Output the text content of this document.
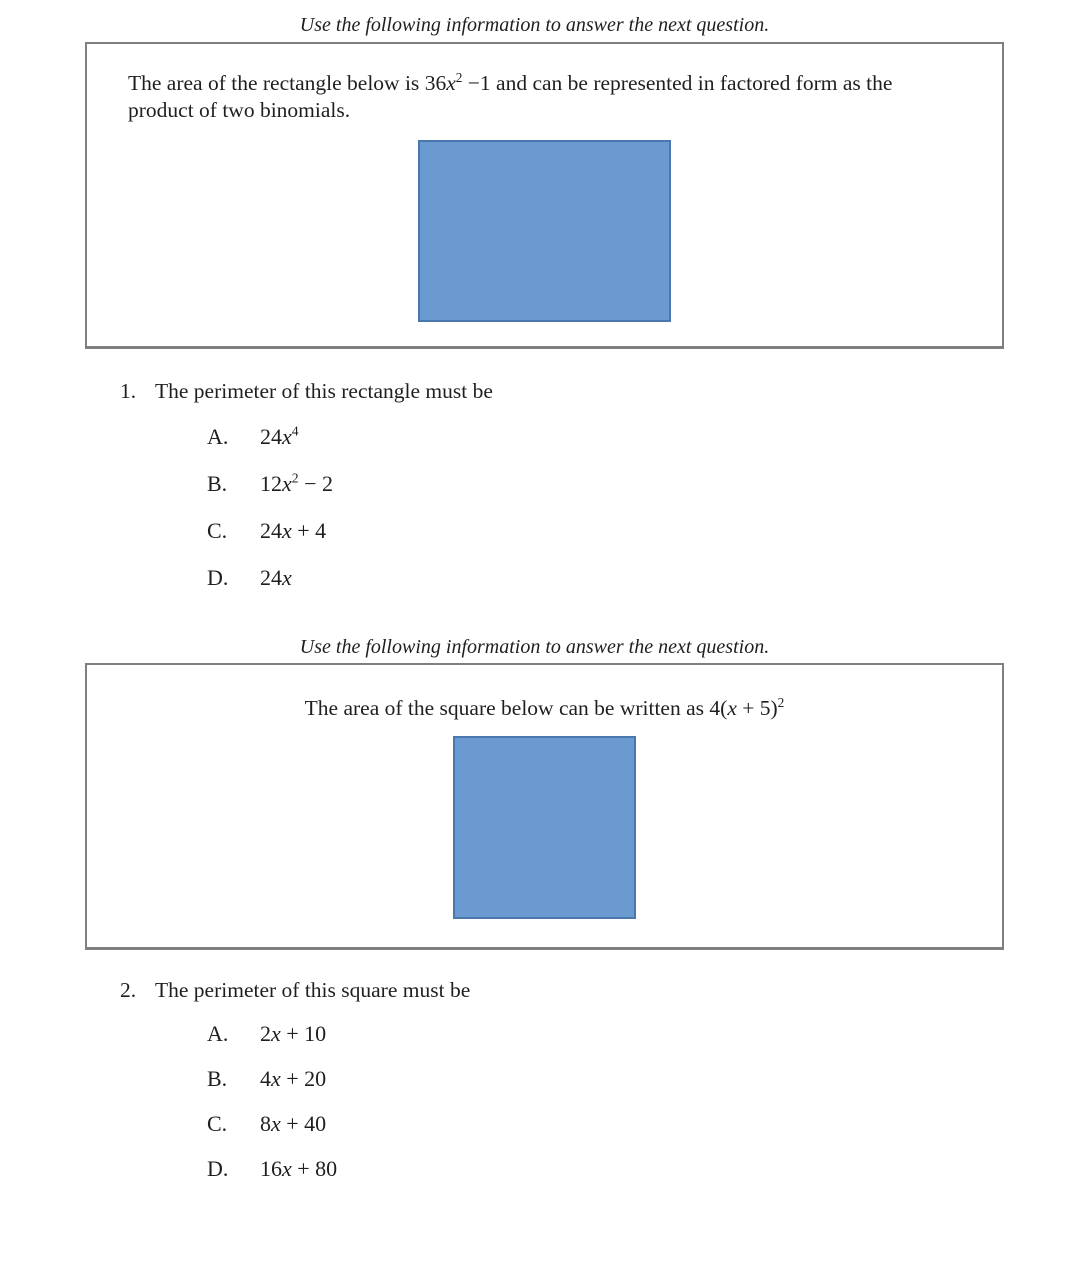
Use the following information to answer the next question.
The area of the rectangle below is $36x^2 -1$ and can be represented in factored form as the product of two binomials.
1. The perimeter of this rectangle must be
A. $24x^4$
B. $12x^2 - 2$
C. 24x + 4
D. 24x
Use the following information to answer the next question.
The area of the square below can be written as $4(x + 5)^2$
2. The perimeter of this square must be
A. 2x + 10
B. 4x + 20
C. 8x + 40
D. 16x + 80
